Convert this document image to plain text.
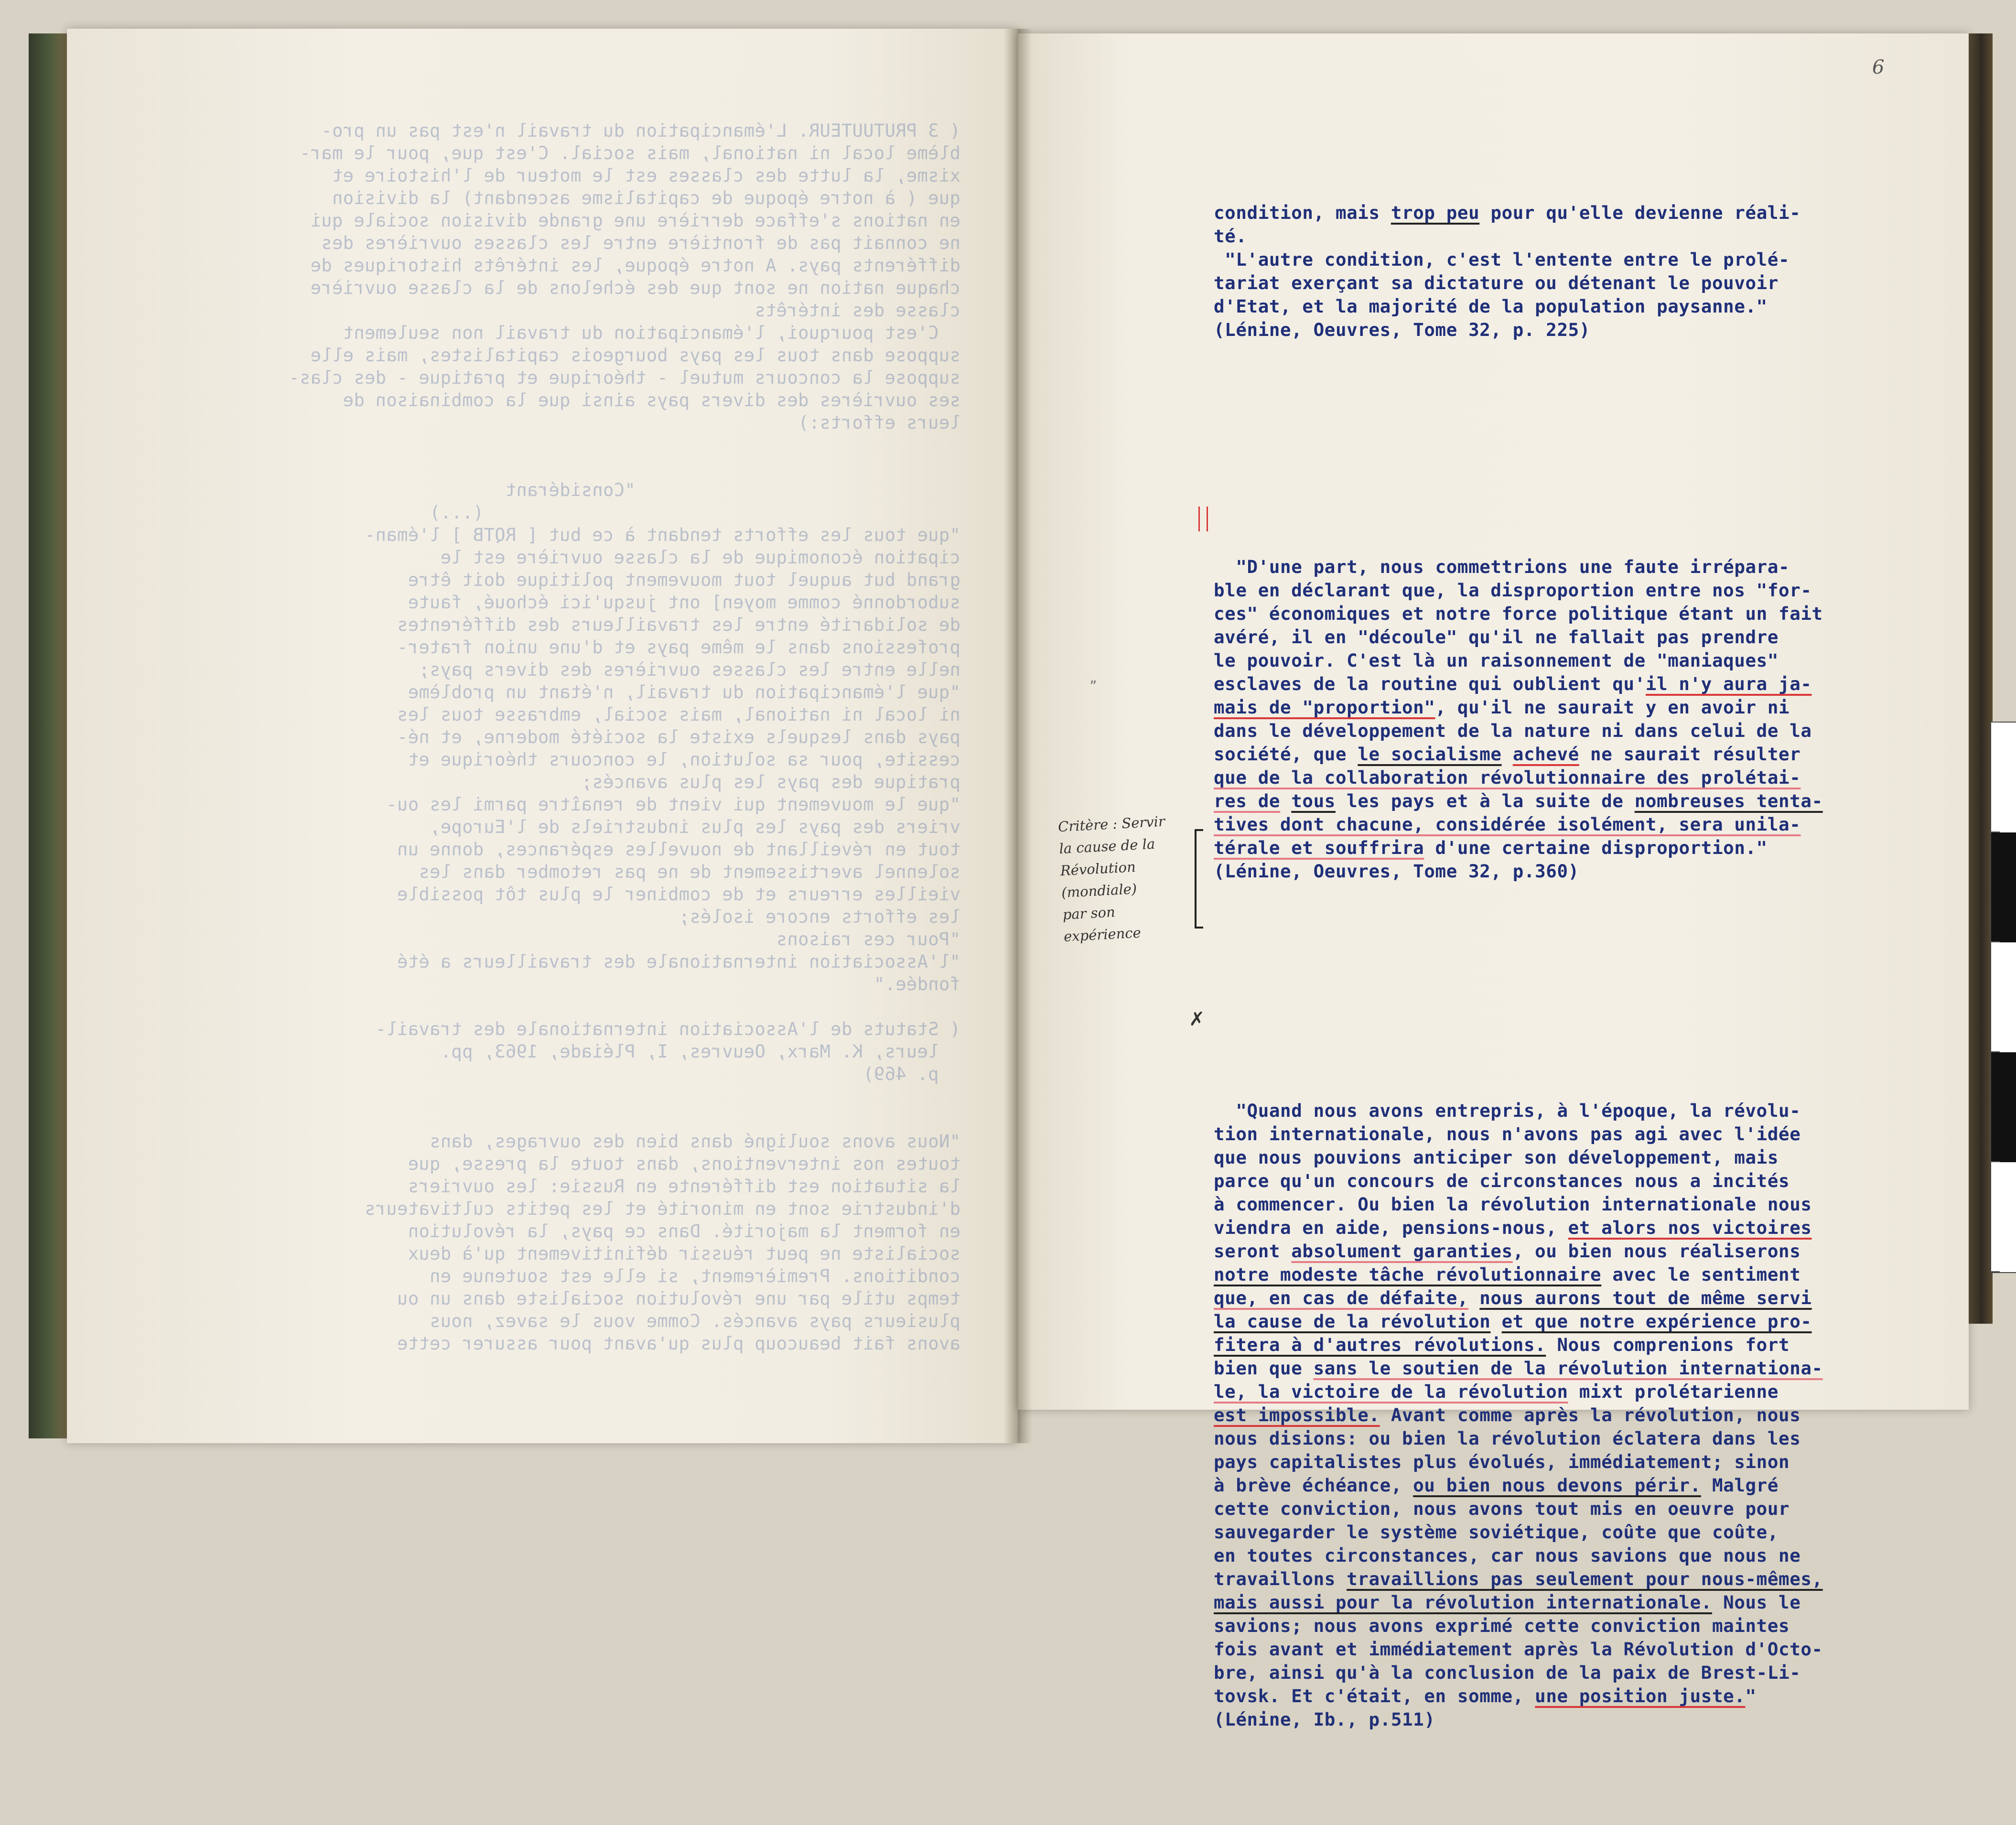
( 3 PRUTUUTEUR. L'émancipation du travail n'est pas un pro-
blème local ni national, mais social. C'est que, pour le mar-
xisme, la lutte des classes est le moteur de l'histoire et
que ( à notre époque de capitalisme ascendant) la division
en nations s'efface derrière une grande division sociale qui
ne connait pas de frontière entre les classes ouvrières des
différents pays. A notre époque, les intérêts historiques de
chaque nation ne sont que des échelons de la classe ouvrière
classe des intérêts
C'est pourquoi, l'émancipation du travail non seulement
suppose dans tous les pays bourgeois capitalistes, mais elle
suppose la concours mutuel - théorique et pratique - des clas-
ses ouvrières des divers pays ainsi que la combinaison de
leurs efforts:)

"Considérant
(...)
"que tous les efforts tendant à ce but [ RQTB ] l'éman-
cipation économique de la classe ouvrière est le
grand but auquel tout mouvement politique doit être
subordonné comme moyen] ont jusqu'ici échoué, faute
de solidarité entre les travailleurs des différentes
professions dans le même pays et d'une union frater-
nelle entre les classes ouvrières des divers pays;
"que l'émancipation du travail, n'étant un problème
ni local ni national, mais social, embrasse tous les
pays dans lesquels existe la société moderne, et né-
cessite, pour sa solution, le concours théorique et
pratique des pays les plus avancés;
"que le mouvement qui vient de renaître parmi les ou-
vriers des pays les plus industriels de l'Europe,
tout en réveillant de nouvelles espérances, donne un
solennel avertissement de ne pas retomber dans les
vieilles erreurs et de combiner le plus tôt possible
les efforts encore isolés;
"Pour ces raisons
"l'Association internationale des travailleurs a été
fondée."

( Statuts de l'Association internationale des travail-
leurs, K. Marx, Oeuvres, I, Pléiade, 1963, pp.
p. 469)

"Nous avons souligné dans bien des ouvrages, dans
toutes nos interventions, dans toute la presse, que
la situation est différente en Russie: les ouvriers
d'industrie sont en minorité et les petits cultivateurs
en forment la majorité. Dans ce pays, la révolution
socialiste ne peut réussir définitivement qu'à deux
conditions. Premièrement, si elle est soutenue en
temps utile par une révolution socialiste dans un ou
plusieurs pays avancés. Comme vous le savez, nous
avons fait beaucoup plus qu'avant pour assurer cette
6

condition, mais trop peu pour qu'elle devienne réali-
té.
"L'autre condition, c'est l'entente entre le prolé-
tariat exerçant sa dictature ou détenant le pouvoir
d'Etat, et la majorité de la population paysanne."
(Lénine, Oeuvres, Tome 32, p. 225)

"D'une part, nous commettrions une faute irrépara-
ble en déclarant que, la disproportion entre nos "for-
ces" économiques et notre force politique étant un fait
avéré, il en "découle" qu'il ne fallait pas prendre
le pouvoir. C'est là un raisonnement de "maniaques"
esclaves de la routine qui oublient qu'il n'y aura ja-
mais de "proportion", qu'il ne saurait y en avoir ni
dans le développement de la nature ni dans celui de la
société, que le socialisme achevé ne saurait résulter
que de la collaboration révolutionnaire des prolétai-
res de tous les pays et à la suite de nombreuses tenta-
tives dont chacune, considérée isolément, sera unila-
térale et souffrira d'une certaine disproportion."
(Lénine, Oeuvres, Tome 32, p.360)

"Quand nous avons entrepris, à l'époque, la révolu-
tion internationale, nous n'avons pas agi avec l'idée
que nous pouvions anticiper son développement, mais
parce qu'un concours de circonstances nous a incités
à commencer. Ou bien la révolution internationale nous
viendra en aide, pensions-nous, et alors nos victoires
seront absolument garanties, ou bien nous réaliserons
notre modeste tâche révolutionnaire avec le sentiment
que, en cas de défaite, nous aurons tout de même servi
la cause de la révolution et que notre expérience pro-
fitera à d'autres révolutions. Nous comprenions fort
bien que sans le soutien de la révolution internationa-
le, la victoire de la révolution mixt prolétarienne
est impossible. Avant comme après la révolution, nous
nous disions: ou bien la révolution éclatera dans les
pays capitalistes plus évolués, immédiatement; sinon
à brève échéance, ou bien nous devons périr. Malgré
cette conviction, nous avons tout mis en oeuvre pour
sauvegarder le système soviétique, coûte que coûte,
en toutes circonstances, car nous savions que nous ne
travaillons travaillions pas seulement pour nous-mêmes,
mais aussi pour la révolution internationale. Nous le
savions; nous avons exprimé cette conviction maintes
fois avant et immédiatement après la Révolution d'Octo-
bre, ainsi qu'à la conclusion de la paix de Brest-Li-
tovsk. Et c'était, en somme, une position juste."
(Lénine, Ib., p.511)

„
Critère : Servir
la cause de la
Révolution
(mondiale)
par son expérience
✗
